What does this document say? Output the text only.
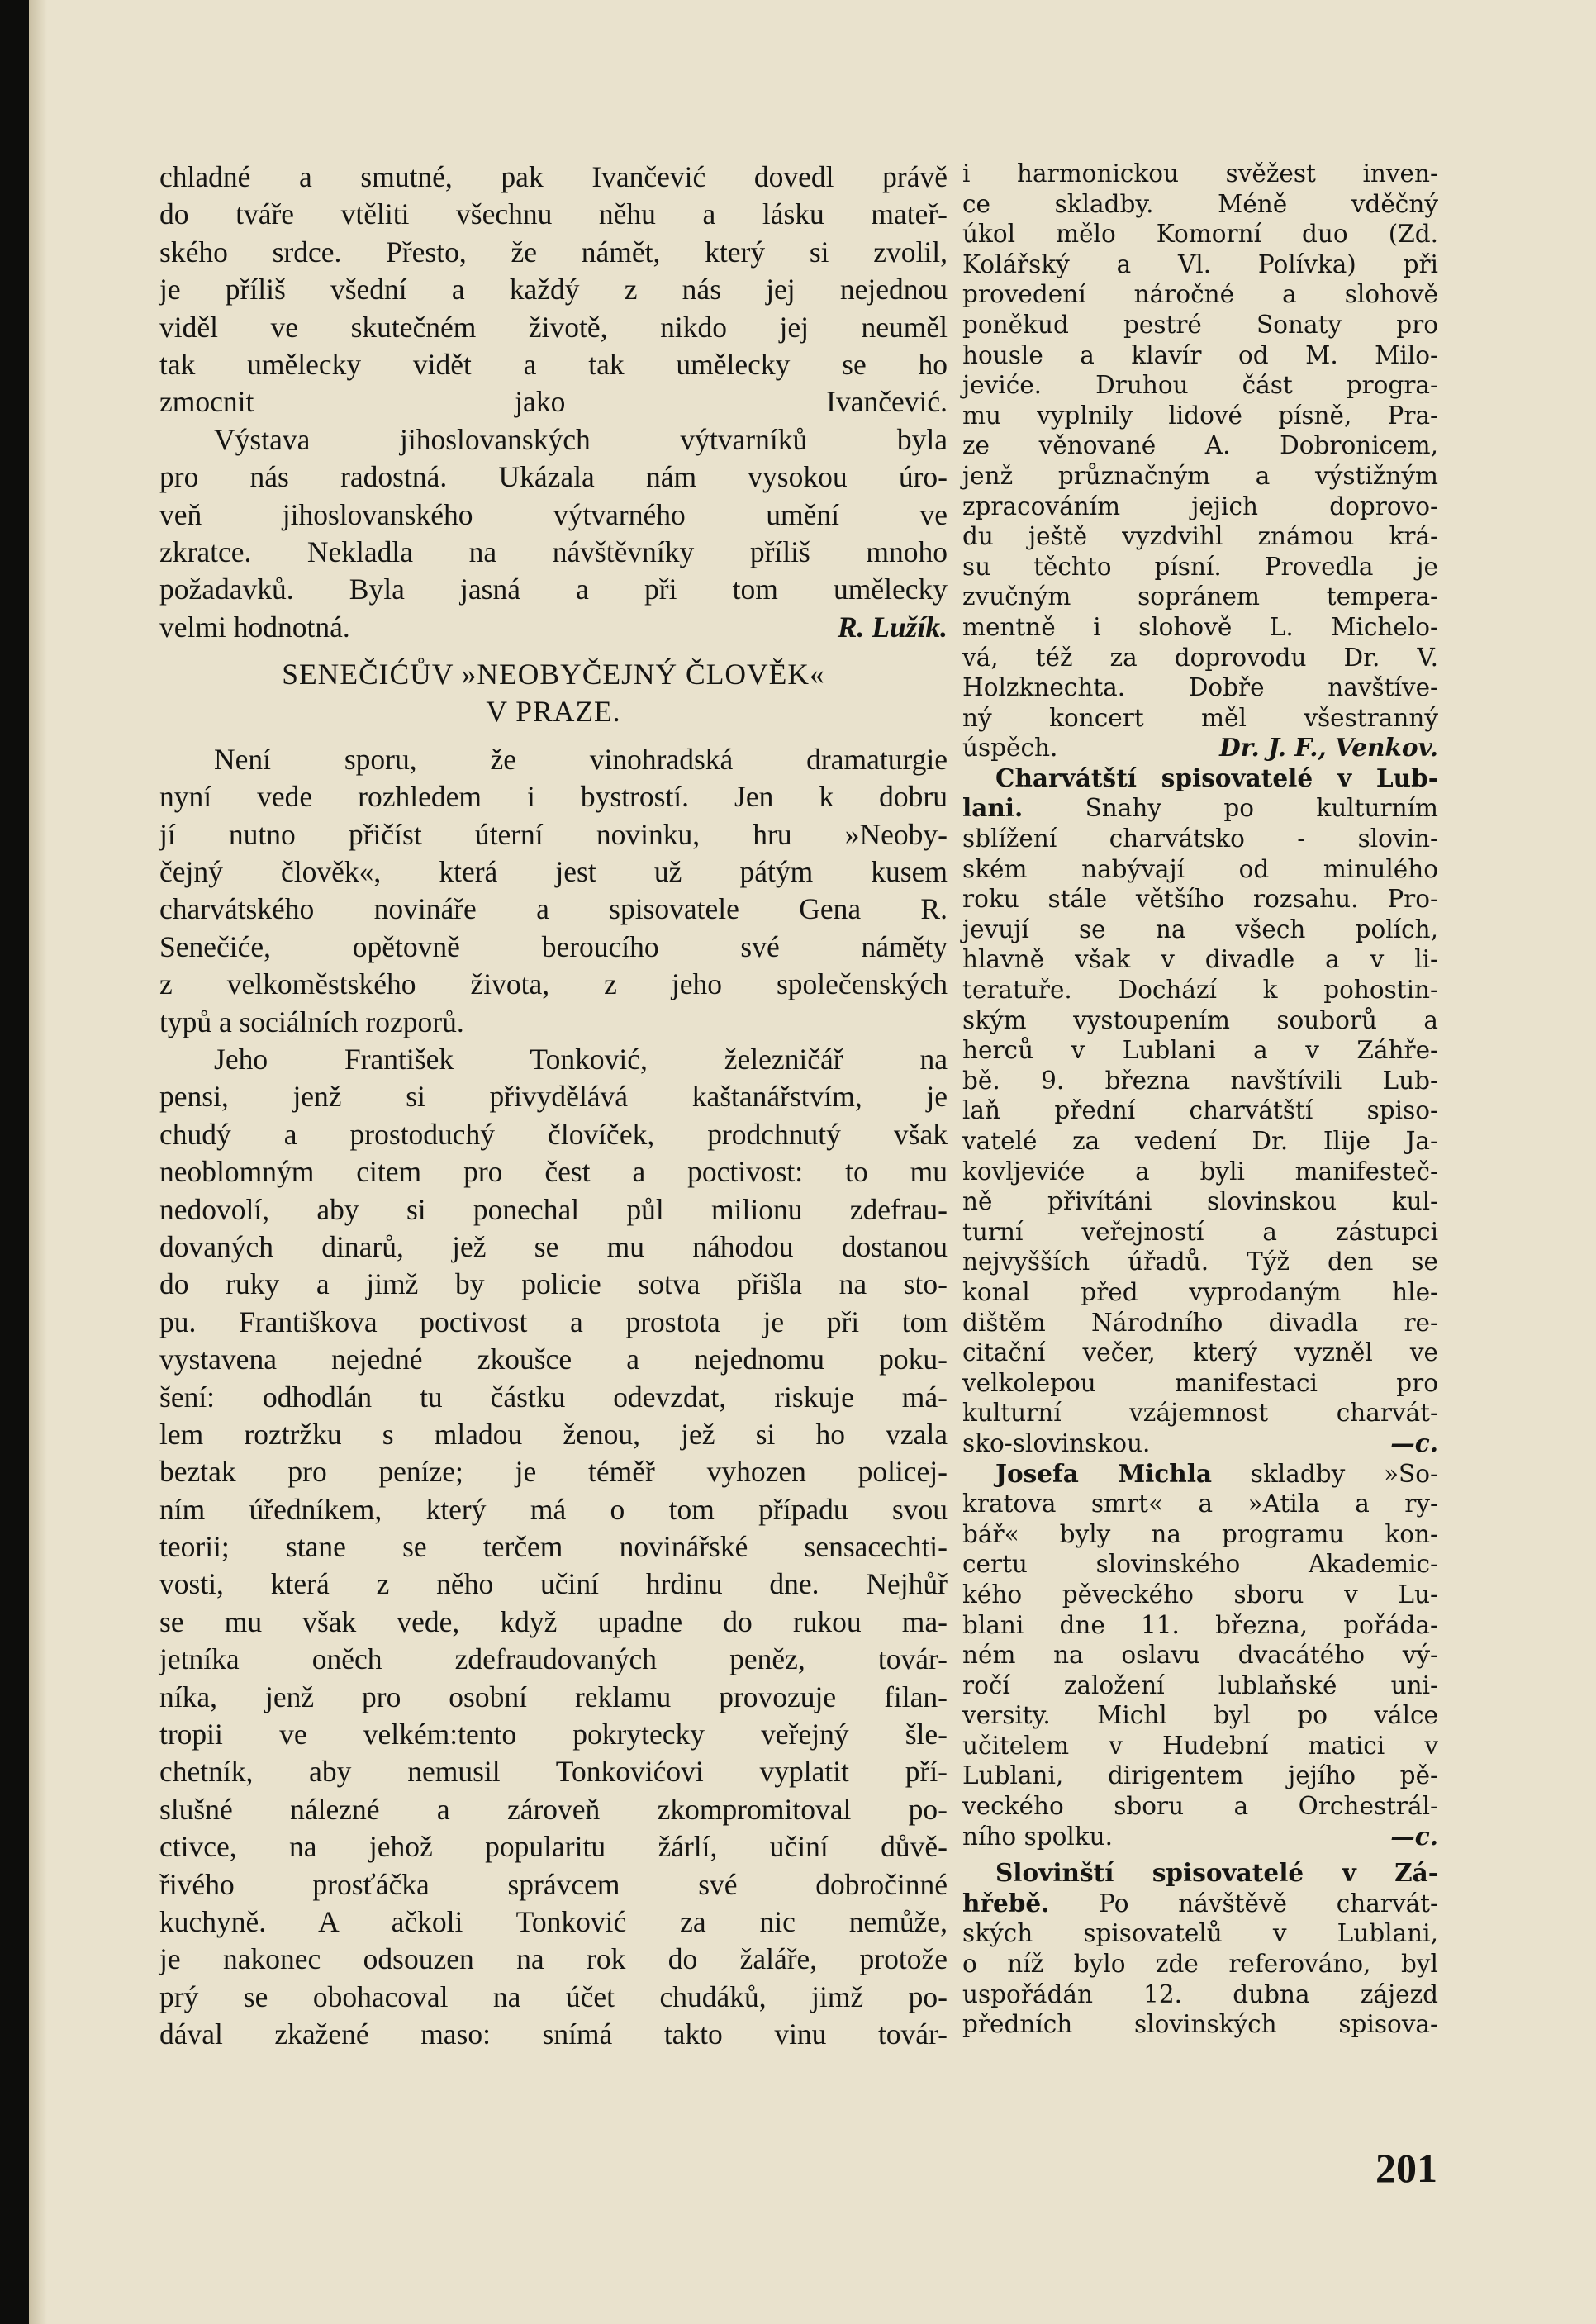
chladné a smutné, pak Ivančević dovedl právě
do tváře vtěliti všechnu něhu a lásku mateř-
ského srdce. Přesto, že námět, který si zvolil,
je příliš všední a každý z nás jej nejednou
viděl ve skutečném životě, nikdo jej neuměl
tak umělecky vidět a tak umělecky se ho
zmocnit jako Ivančević.
Výstava jihoslovanských výtvarníků byla
pro nás radostná. Ukázala nám vysokou úro-
veň jihoslovanského výtvarného umění ve
zkratce. Nekladla na návštěvníky příliš mnoho
požadavků. Byla jasná a při tom umělecky
velmi hodnotná.	R. Lužík.
SENEČIĆŮV »NEOBYČEJNÝ ČLOVĚK«
V PRAZE.
Není sporu, že vinohradská dramaturgie
nyní vede rozhledem i bystrostí. Jen k dobru
jí nutno přičíst úterní novinku, hru »Neoby-
čejný člověk«, která jest už pátým kusem
charvátského novináře a spisovatele Gena R.
Senečiće, opětovně beroucího své náměty
z velkoměstského života, z jeho společenských
typů a sociálních rozporů.
Jeho František Tonković, železničář na
pensi, jenž si přivydělává kaštanářstvím, je
chudý a prostoduchý človíček, prodchnutý však
neoblomným citem pro čest a poctivost: to mu
nedovolí, aby si ponechal půl milionu zdefrau-
dovaných dinarů, jež se mu náhodou dostanou
do ruky a jimž by policie sotva přišla na sto-
pu. Františkova poctivost a prostota je při tom
vystavena nejedné zkoušce a nejednomu poku-
šení: odhodlán tu částku odevzdat, riskuje má-
lem roztržku s mladou ženou, jež si ho vzala
beztak pro peníze; je téměř vyhozen policej-
ním úředníkem, který má o tom případu svou
teorii; stane se terčem novinářské sensacechti-
vosti, která z něho učiní hrdinu dne. Nejhůř
se mu však vede, když upadne do rukou ma-
jetníka oněch zdefraudovaných peněz, továr-
níka, jenž pro osobní reklamu provozuje filan-
tropii ve velkém:tento pokrytecky veřejný šle-
chetník, aby nemusil Tonkovićovi vyplatit pří-
slušné nálezné a zároveň zkompromitoval po-
ctivce, na jehož popularitu žárlí, učiní důvě-
řivého prosťáčka správcem své dobročinné
kuchyně. A ačkoli Tonković za nic nemůže,
je nakonec odsouzen na rok do žaláře, protože
prý se obohacoval na účet chudáků, jimž po-
dával zkažené maso: snímá takto vinu továr-
i harmonickou svěžest inven-
ce skladby. Méně vděčný
úkol mělo Komorní duo (Zd.
Kolářský a Vl. Polívka) při
provedení náročné a slohově
poněkud pestré Sonaty pro
housle a klavír od M. Milo-
jeviće. Druhou část progra-
mu vyplnily lidové písně, Pra-
ze věnované A. Dobronicem,
jenž průznačným a výstižným
zpracováním jejich doprovo-
du ještě vyzdvihl známou krá-
su těchto písní. Provedla je
zvučným sopránem tempera-
mentně i slohově L. Michelo-
vá, též za doprovodu Dr. V.
Holzknechta. Dobře navštíve-
ný koncert měl všestranný
úspěch.	Dr. J. F., Venkov.
Charvátští spisovatelé v Lub-
lani.	Snahy po kulturním
sblížení charvátsko - slovin-
ském nabývají od minulého
roku stále většího rozsahu. Pro-
jevují se na všech polích,
hlavně však v divadle a v li-
teratuře. Dochází k pohostin-
ským vystoupením souborů a
herců v Lublani a v Záhře-
bě. 9. března navštívili Lub-
laň přední charvátští spiso-
vatelé za vedení Dr. Ilije Ja-
kovljeviće a byli manifesteč-
ně přivítáni slovinskou kul-
turní veřejností a zástupci
nejvyšších úřadů. Týž den se
konal před vyprodaným hle-
dištěm Národního divadla re-
citační večer, který vyzněl ve
velkolepou manifestaci pro
kulturní vzájemnost charvát-
sko-slovinskou.	—c.
Josefa Michla skladby »So-
kratova smrt« a »Atila a ry-
bář« byly na programu kon-
certu slovinského Akademic-
kého pěveckého sboru v Lu-
blani dne 11. března, pořáda-
ném na oslavu dvacátého vý-
ročí založení lublaňské uni-
versity. Michl byl po válce
učitelem v Hudební matici v
Lublani, dirigentem jejího pě-
veckého sboru a Orchestrál-
ního spolku.	—c.
Slovinští spisovatelé v Zá-
hřebě. Po návštěvě charvát-
ských spisovatelů v Lublani,
o níž bylo zde referováno, byl
uspořádán 12. dubna zájezd
předních slovinských spisova-
201
